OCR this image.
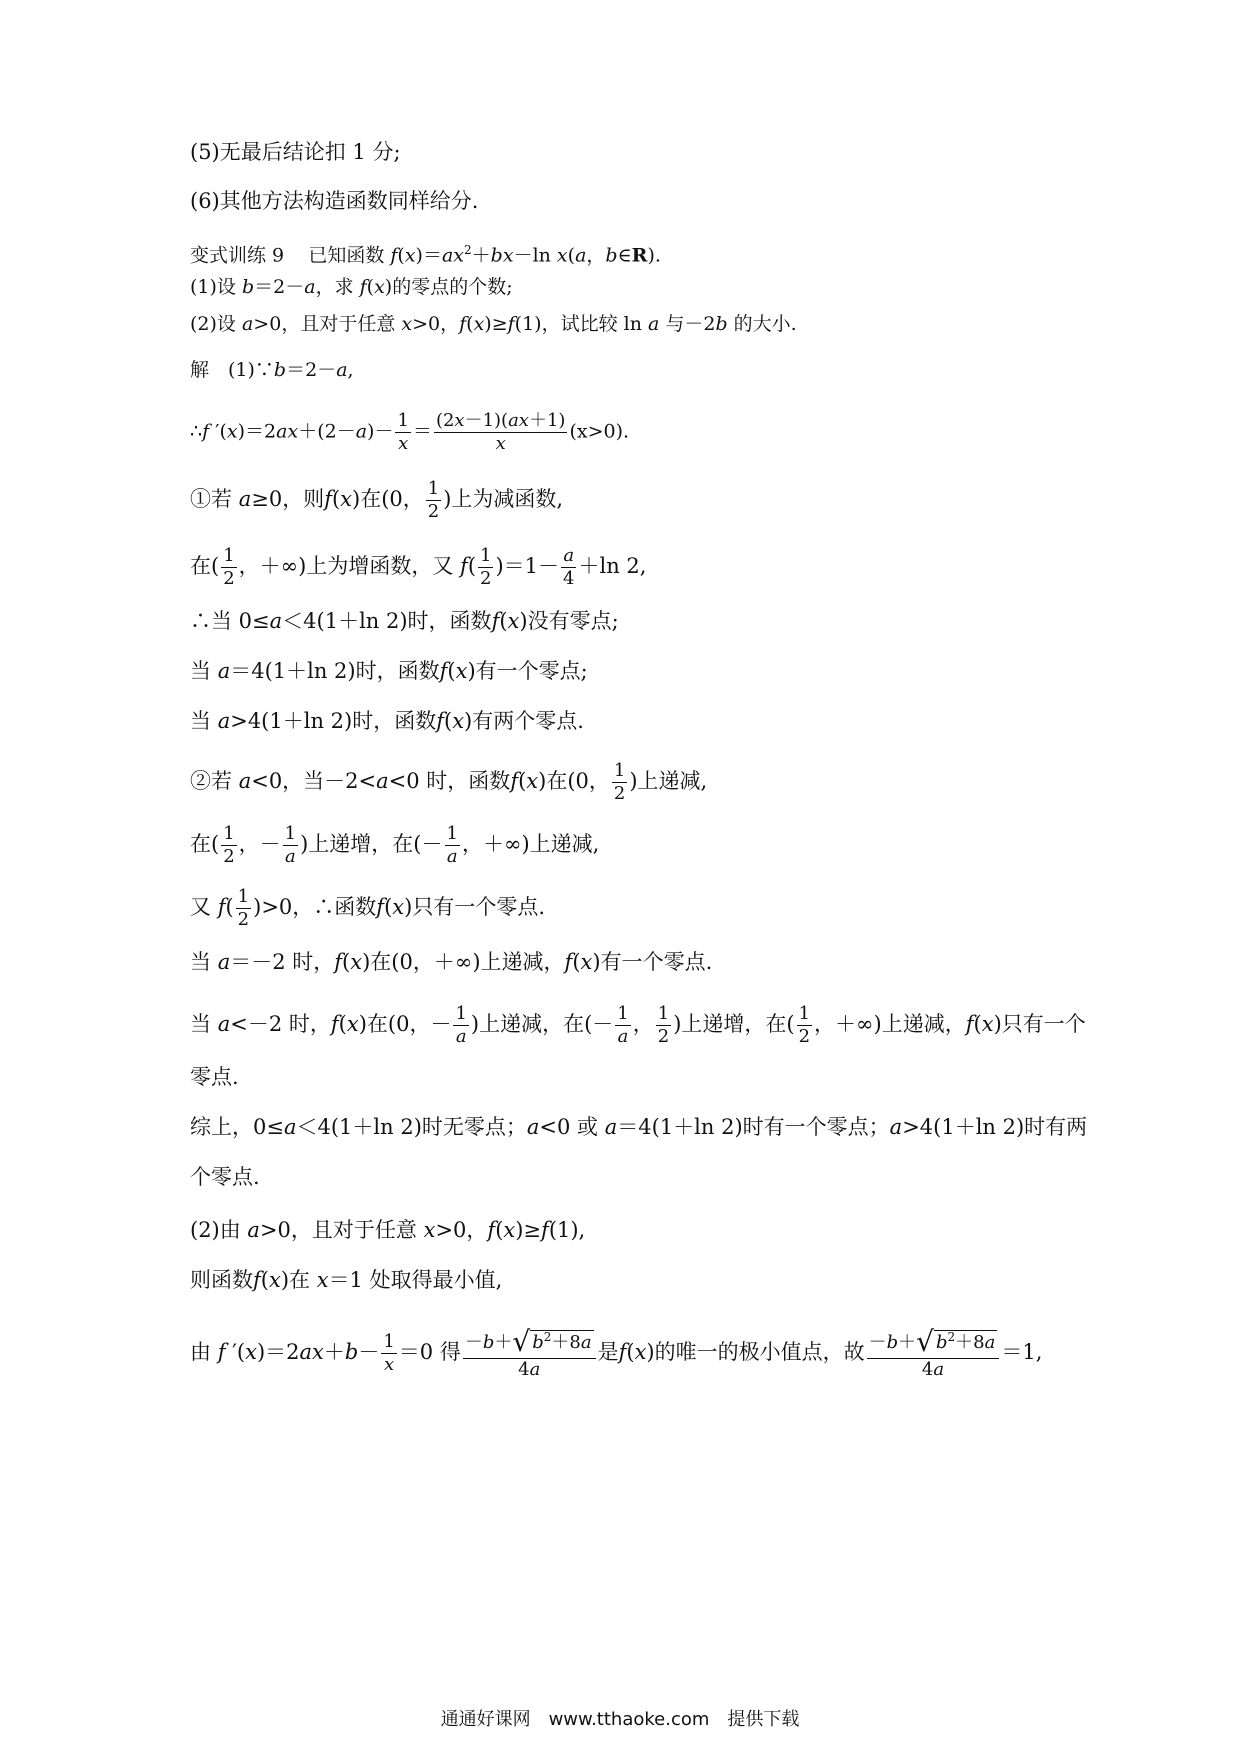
(5)无最后结论扣 1 分;
(6)其他方法构造函数同样给分.
变式训练 9 已知函数 $f(x)=ax^2+bx-\ln$ x(a，b∈R).
(1)设 b＝2－a，求 f(x)的零点的个数;
(2)设 a>0，且对于任意 x>0，f(x)≥f(1)，试比较 ln a 与－2b 的大小.
解　(1)∵b＝2－a,
∴f $'(x)=2ax+(2-a)- \frac{1}{x} = \frac{(2x-1)(ax+1)}{x} (x>0)$.
①若 a≥0，则f(x)在(0， $\frac{1}{2}$ )上为减函数,
在( $\frac{1}{2}$ ，＋∞)上为增函数，又 $f( \frac{1}{2} )=1- \frac{a}{4} +\ln$ 2,
∴当 0≤a＜4(1＋ln 2)时，函数f(x)没有零点;
当 a＝4(1＋ln 2)时，函数f(x)有一个零点;
当 a>4(1＋ln 2)时，函数f(x)有两个零点.
②若 a<0，当－2<a<0 时，函数f(x)在(0， $\frac{1}{2}$ )上递减,
在( $\frac{1}{2}$ ，－ $\frac{1}{a}$ )上递增，在(－ $\frac{1}{a}$ ，＋∞)上递减,
又 $f( \frac{1}{2} )>0$，∴函数f(x)只有一个零点.
当 a＝－2 时，f(x)在(0，＋∞)上递减，f(x)有一个零点.
当 a<－2 时，f(x)在(0，－ $\frac{1}{a}$ )上递减，在(－ $\frac{1}{a}$ ， $\frac{1}{2}$ )上递增，在( $\frac{1}{2}$ ，＋∞)上递减，f(x)只有一个
零点.
综上，0≤a＜4(1＋ln 2)时无零点；a<0 或 a＝4(1＋ln 2)时有一个零点；a>4(1＋ln 2)时有两
个零点.
(2)由 a>0，且对于任意 x>0，f(x)≥f(1),
则函数f(x)在 x＝1 处取得最小值,
由 f $'(x)=2ax+b- \frac{1}{x} =0$ 得 $\frac{-b+√ b^2+8a}{4a}$ 是f(x)的唯一的极小值点，故 $\frac{-b+√ b^2+8a}{4a} =1$,
通通好课网　www.tthaoke.com　提供下载
